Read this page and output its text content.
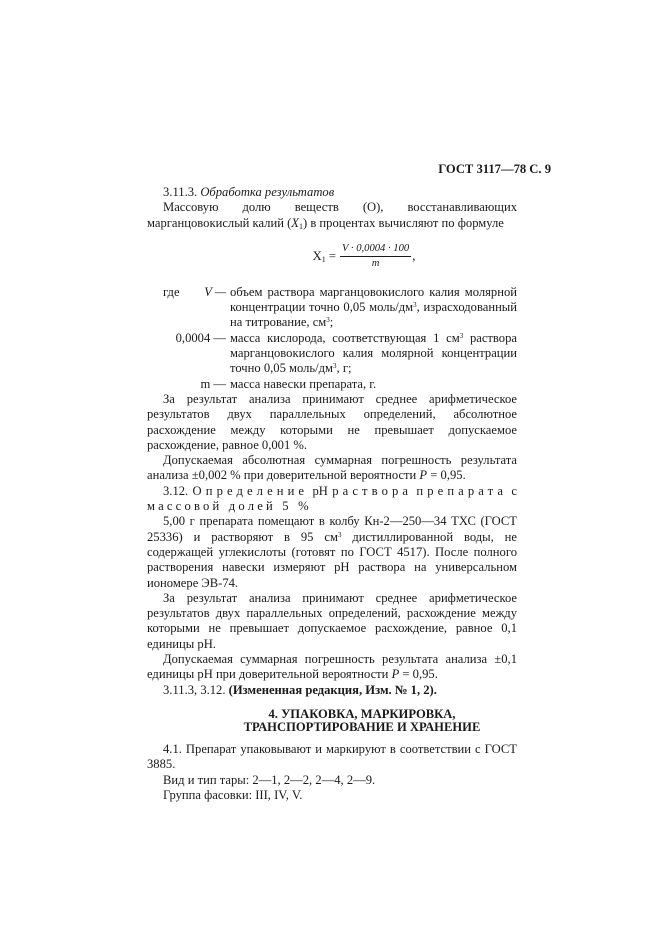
ГОСТ 3117—78 С. 9

3.11.3. Обработка результатов

Массовую долю веществ (О), восстанавливающих марганцовокислый калий $(X_1)$ в процентах вычисляют по формуле

$X_1 = \frac{V \cdot 0,0004 \cdot 100}{m}$ ,
где	V — объем раствора марганцовокислого калия молярной концентрации точно 0,05 моль/$дм^3$, израсходованный на титрование, $см^3$;
0,0004 — масса кислорода, соответствующая 1 $см^3$ раствора марганцовокислого калия молярной концентрации точно 0,05 моль/$дм^3$, г;
m — масса навески препарата, г.

За результат анализа принимают среднее арифметическое результатов двух параллельных определений, абсолютное расхождение между которыми не превышает допускаемое расхождение, равное 0,001 %.

Допускаемая абсолютная суммарная погрешность результата анализа ±0,002 % при доверительной вероятности Р = 0,95.

3.12. Определение pH раствора препарата с

массовой долей 5 %

5,00 г препарата помещают в колбу Кн-2—250—34 ТХС (ГОСТ 25336) и растворяют в 95 $см^3$ дистиллированной воды, не содержащей углекислоты (готовят по ГОСТ 4517). После полного растворения навески измеряют pH раствора на универсальном иономере ЭВ-74.

За результат анализа принимают среднее арифметическое результатов двух параллельных определений, расхождение между которыми не превышает допускаемое расхождение, равное 0,1 единицы pH.

Допускаемая суммарная погрешность результата анализа ±0,1 единицы pH при доверительной вероятности Р = 0,95.

3.11.3, 3.12. (Измененная редакция, Изм. № 1, 2).

4. УПАКОВКА, МАРКИРОВКА,
ТРАНСПОРТИРОВАНИЕ И ХРАНЕНИЕ

4.1. Препарат упаковывают и маркируют в соответствии с ГОСТ 3885.

Вид и тип тары: 2—1, 2—2, 2—4, 2—9.

Группа фасовки: III, IV, V.
